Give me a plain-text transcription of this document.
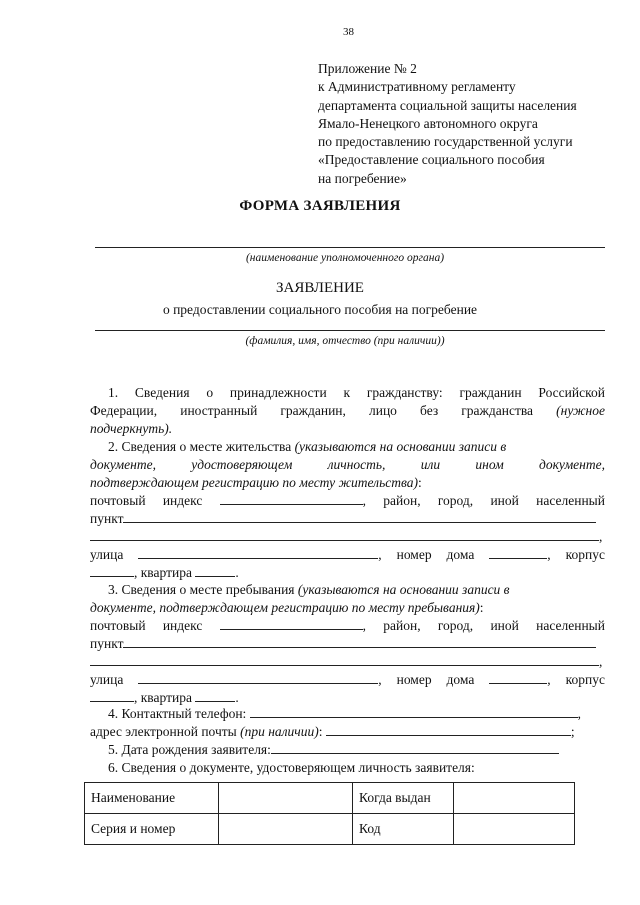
38
Приложение № 2
к Административному регламенту
департамента социальной защиты населения
Ямало-Ненецкого автономного округа
по предоставлению государственной услуги
«Предоставление социального пособия
на погребение»
ФОРМА ЗАЯВЛЕНИЯ
(наименование уполномоченного органа)
ЗАЯВЛЕНИЕ
о предоставлении социального пособия на погребение
(фамилия, имя, отчество (при наличии))
1. Сведения о принадлежности к гражданству: гражданин Российской
Федерации, иностранный гражданин, лицо без гражданства (нужное
подчеркнуть).
2. Сведения о месте жительства (указываются на основании записи в
документе,	удостоверяющем	личность,	или	ином	документе,
подтверждающем регистрацию по месту жительства):
почтовый индекс	, район, город, иной населенный
пункт
,
улица	, номер дома	, корпус
, квартира	.
3. Сведения о месте пребывания (указываются на основании записи в
документе, подтверждающем регистрацию по месту пребывания):
почтовый индекс	, район, город, иной населенный
пункт
,
улица	, номер дома	, корпус
, квартира	.
4. Контактный телефон:	,
адрес электронной почты (при наличии):	;
5. Дата рождения заявителя:
6. Сведения о документе, удостоверяющем личность заявителя:
Наименование		Когда выдан	
Серия и номер		Код	
